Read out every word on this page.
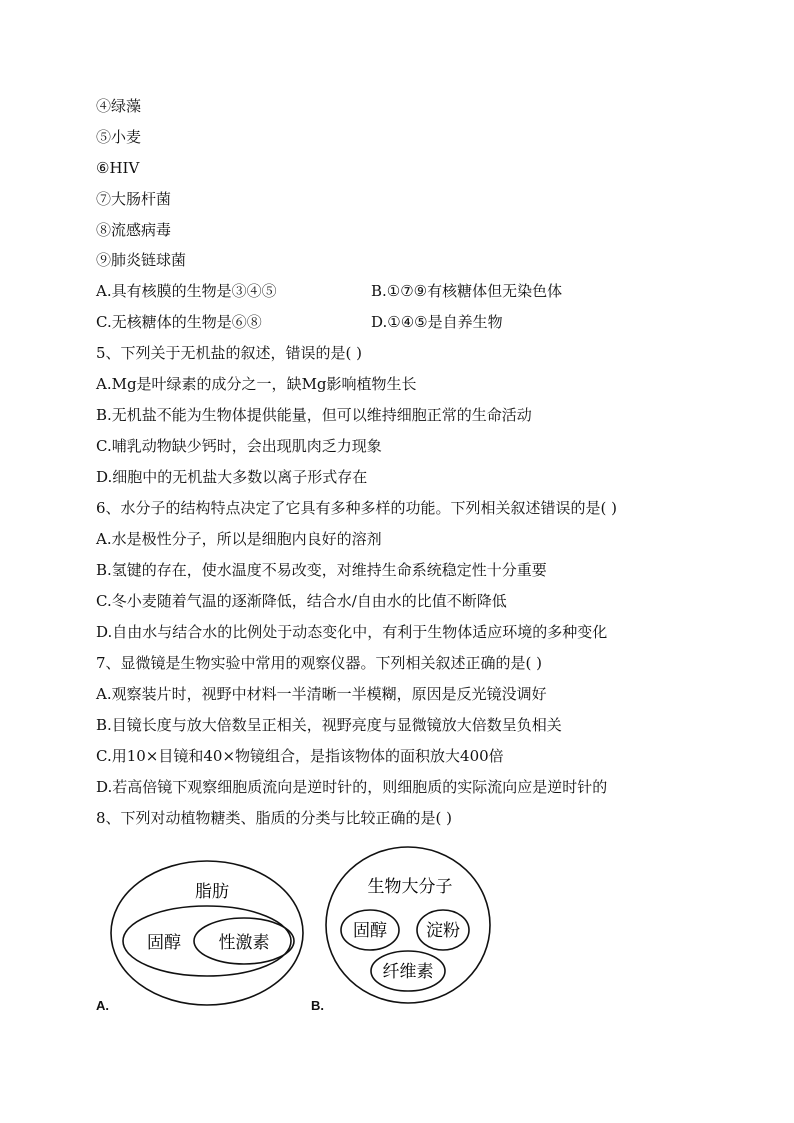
④绿藻
⑤小麦
⑥HIV
⑦大肠杆菌
⑧流感病毒
⑨肺炎链球菌
A.具有核膜的生物是③④⑤	B.①⑦⑨有核糖体但无染色体
C.无核糖体的生物是⑥⑧	D.①④⑤是自养生物
5、下列关于无机盐的叙述，错误的是( )
A.Mg是叶绿素的成分之一，缺Mg影响植物生长
B.无机盐不能为生物体提供能量，但可以维持细胞正常的生命活动
C.哺乳动物缺少钙时，会出现肌肉乏力现象
D.细胞中的无机盐大多数以离子形式存在
6、水分子的结构特点决定了它具有多种多样的功能。下列相关叙述错误的是( )
A.水是极性分子，所以是细胞内良好的溶剂
B.氢键的存在，使水温度不易改变，对维持生命系统稳定性十分重要
C.冬小麦随着气温的逐渐降低，结合水/自由水的比值不断降低
D.自由水与结合水的比例处于动态变化中，有利于生物体适应环境的多种变化
7、显微镜是生物实验中常用的观察仪器。下列相关叙述正确的是( )
A.观察装片时，视野中材料一半清晰一半模糊，原因是反光镜没调好
B.目镜长度与放大倍数呈正相关，视野亮度与显微镜放大倍数呈负相关
C.用10×目镜和40×物镜组合，是指该物体的面积放大400倍
D.若高倍镜下观察细胞质流向是逆时针的，则细胞质的实际流向应是逆时针的
8、下列对动植物糖类、脂质的分类与比较正确的是( )
脂肪
固醇 性激素
生物大分子
固醇 淀粉
纤维素
A.	B.
